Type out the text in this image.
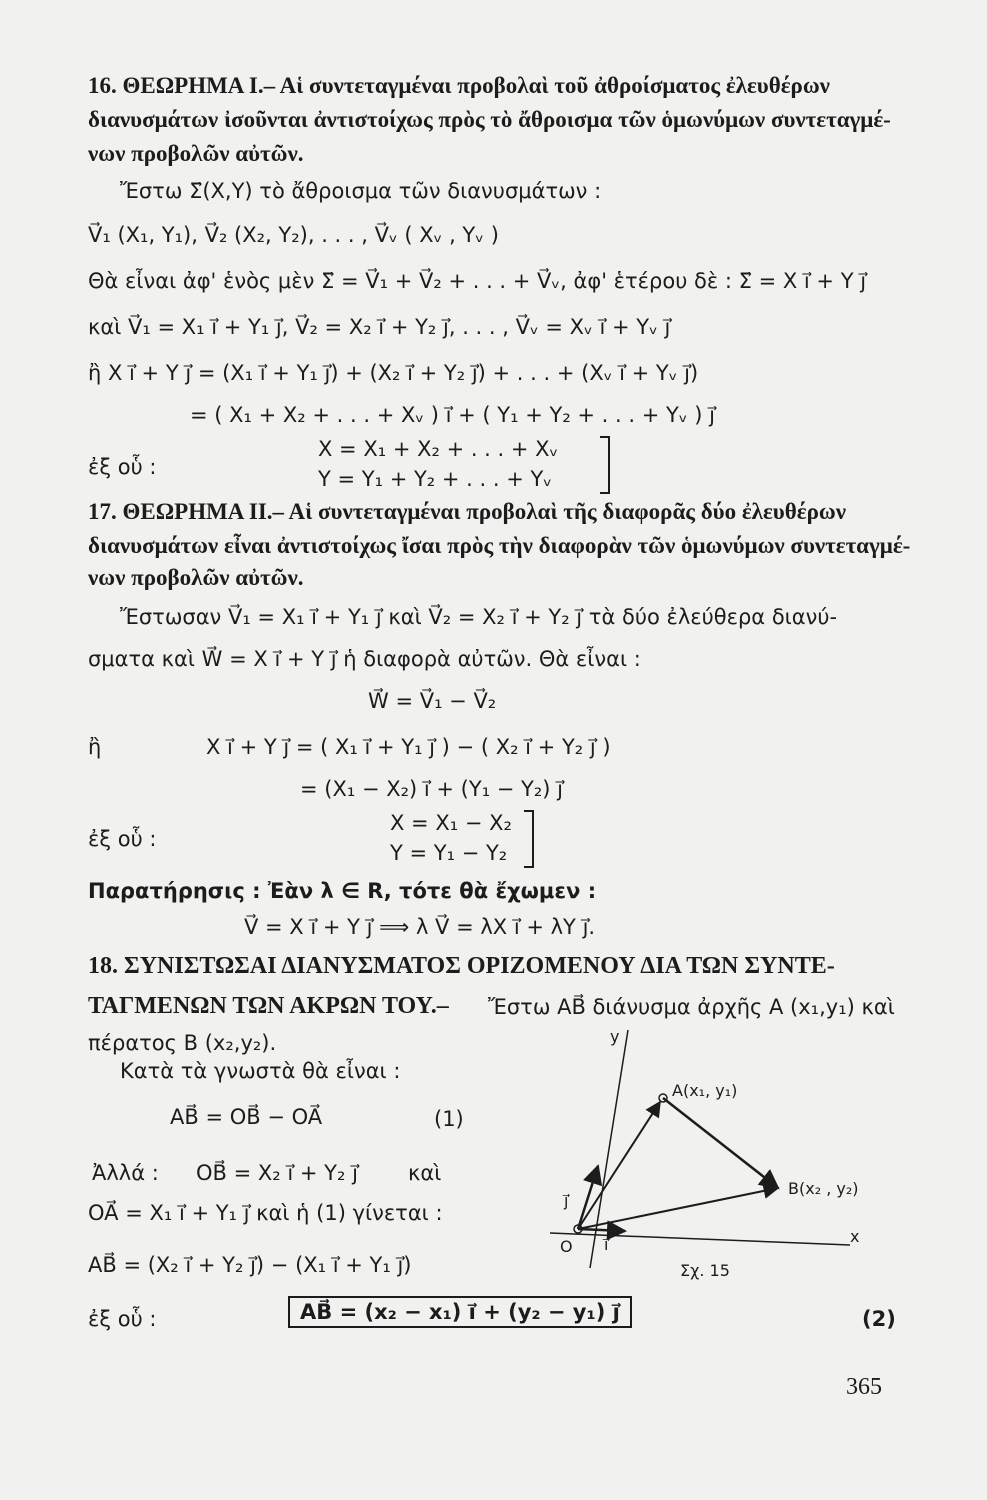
16. ΘΕΩΡΗΜΑ Ι.– Αἱ συντεταγμέναι προβολαὶ τοῦ ἀθροίσματος ἐλευθέρων
διανυσμάτων ἰσοῦνται ἀντιστοίχως πρὸς τὸ ἄθροισμα τῶν ὁμωνύμων συντεταγμέ-
νων προβολῶν αὐτῶν.
Ἔστω Σ⃗(X,Y) τὸ ἄθροισμα τῶν διανυσμάτων :
V⃗₁ (X₁, Y₁), V⃗₂ (X₂, Y₂), . . . , V⃗ᵥ ( Xᵥ , Yᵥ )
Θὰ εἶναι ἀφ' ἑνὸς μὲν Σ⃗ = V⃗₁ + V⃗₂ + . . . + V⃗ᵥ, ἀφ' ἑτέρου δὲ : Σ⃗ = X ı⃗ + Y j⃗
καὶ V⃗₁ = X₁ ı⃗ + Y₁ j⃗, V⃗₂ = X₂ ı⃗ + Y₂ j⃗, . . . , V⃗ᵥ = Xᵥ ı⃗ + Yᵥ j⃗
ἢ X ı⃗ + Y j⃗ = (X₁ ı⃗ + Y₁ j⃗) + (X₂ ı⃗ + Y₂ j⃗) + . . . + (Xᵥ ı⃗ + Yᵥ j⃗)
= ( X₁ + X₂ + . . . + Xᵥ ) ı⃗ + ( Y₁ + Y₂ + . . . + Yᵥ ) j⃗
ἐξ οὗ :
X = X₁ + X₂ + . . . + Xᵥ
Y = Y₁ + Y₂ + . . . + Yᵥ
17. ΘΕΩΡΗΜΑ ΙΙ.– Αἱ συντεταγμέναι προβολαὶ τῆς διαφορᾶς δύο ἐλευθέρων
διανυσμάτων εἶναι ἀντιστοίχως ἴσαι πρὸς τὴν διαφορὰν τῶν ὁμωνύμων συντεταγμέ-
νων προβολῶν αὐτῶν.
Ἔστωσαν V⃗₁ = X₁ ı⃗ + Y₁ j⃗ καὶ V⃗₂ = X₂ ı⃗ + Y₂ j⃗ τὰ δύο ἐλεύθερα διανύ-
σματα καὶ W⃗ = X ı⃗ + Y j⃗ ἡ διαφορὰ αὐτῶν. Θὰ εἶναι :
W⃗ = V⃗₁ − V⃗₂
ἢ	X ı⃗ + Y j⃗ = ( X₁ ı⃗ + Y₁ j⃗ ) − ( X₂ ı⃗ + Y₂ j⃗ )
= (X₁ − X₂) ı⃗ + (Y₁ − Y₂) j⃗
ἐξ οὗ :
X = X₁ − X₂
Y = Y₁ − Y₂
Παρατήρησις : Ἐὰν λ ∈ R, τότε θὰ ἔχωμεν :
V⃗ = X ı⃗ + Y j⃗ ⟹ λ V⃗ = λX ı⃗ + λY j⃗.
18. ΣΥΝΙΣΤΩΣΑΙ ΔΙΑΝΥΣΜΑΤΟΣ ΟΡΙΖΟΜΕΝΟΥ ΔΙΑ ΤΩΝ ΣΥΝΤΕ-
ΤΑΓΜΕΝΩΝ ΤΩΝ ΑΚΡΩΝ ΤΟΥ.– Ἔστω AB⃗ διάνυσμα ἀρχῆς A (x₁,y₁) καὶ
πέρατος B (x₂,y₂).
Κατὰ τὰ γνωστὰ θὰ εἶναι :
AB⃗ = OB⃗ − OA⃗	(1)
Ἀλλά : OB⃗ = X₂ ı⃗ + Y₂ j⃗ καὶ
OA⃗ = X₁ ı⃗ + Y₁ j⃗ καὶ ἡ (1) γίνεται :
AB⃗ = (X₂ ı⃗ + Y₂ j⃗) − (X₁ ı⃗ + Y₁ j⃗)
ἐξ οὗ :	AB⃗ = (x₂ − x₁) ı⃗ + (y₂ − y₁) j⃗	(2)
y
x
A(x₁, y₁)
B(x₂ , y₂)
O ı⃗
j⃗
Σχ. 15
365
